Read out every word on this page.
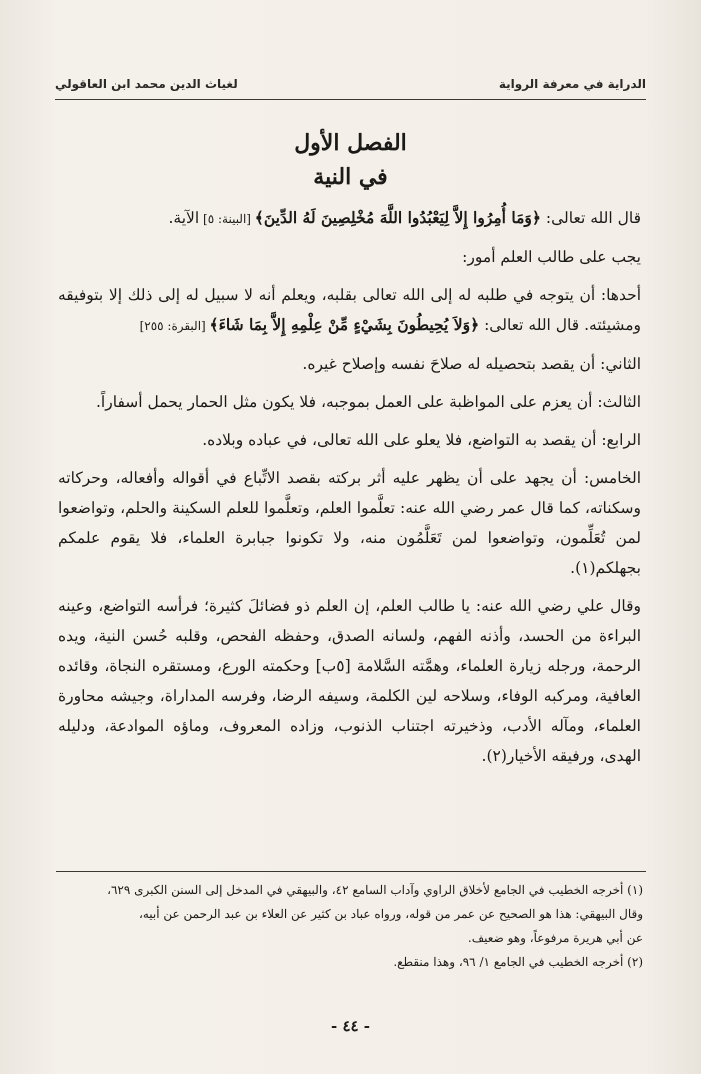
الدراية في معرفة الرواية
لغياث الدين محمد ابن العاقولي
الفصل الأول
في النية

قال الله تعالى: ﴿وَمَا أُمِرُوا إِلاَّ لِيَعْبُدُوا اللَّهَ مُخْلِصِينَ لَهُ الدِّينَ﴾ [البينة: ٥] الآية.

يجب على طالب العلم أمور:

أحدها: أن يتوجه في طلبه له إلى الله تعالى بقلبه، ويعلم أنه لا سبيل له إلى ذلك إلا بتوفيقه ومشيئته. قال الله تعالى: ﴿وَلاَ يُحِيطُونَ بِشَيْءٍ مِّنْ عِلْمِهِ إِلاَّ بِمَا شَاءَ﴾ [البقرة: ٢٥٥]

الثاني: أن يقصد بتحصيله له صلاحَ نفسه وإصلاح غيره.

الثالث: أن يعزم على المواظبة على العمل بموجبه، فلا يكون مثل الحمار يحمل أسفاراً.

الرابع: أن يقصد به التواضع، فلا يعلو على الله تعالى، في عباده وبلاده.

الخامس: أن يجهد على أن يظهر عليه أثر بركته بقصد الاتِّباع في أقواله وأفعاله، وحركاته وسكناته، كما قال عمر رضي الله عنه: تعلَّموا العلم، وتعلَّموا للعلم السكينة والحلم، وتواضعوا لمن تُعَلِّمون، وتواضعوا لمن تَعَلَّمُون منه، ولا تكونوا جبابرة العلماء، فلا يقوم علمكم بجهلكم(١).

وقال علي رضي الله عنه: يا طالب العلم، إن العلم ذو فضائلَ كثيرة؛ فرأسه التواضع، وعينه البراءة من الحسد، وأذنه الفهم، ولسانه الصدق، وحفظه الفحص، وقلبه حُسن النية، ويده الرحمة، ورجله زيارة العلماء، وهمَّته السَّلامة [٥ب] وحكمته الورع، ومستقره النجاة، وقائده العافية، ومركبه الوفاء، وسلاحه لين الكلمة، وسيفه الرضا، وفرسه المداراة، وجيشه محاورة العلماء، ومآله الأدب، وذخيرته اجتناب الذنوب، وزاده المعروف، وماؤه الموادعة، ودليله الهدى، ورفيقه الأخيار(٢).

(١) أخرجه الخطيب في الجامع لأخلاق الراوي وآداب السامع ٤٢، والبيهقي في المدخل إلى السنن الكبرى ٦٢٩،

وقال البيهقي: هذا هو الصحيح عن عمر من قوله، ورواه عباد بن كثير عن العلاء بن عبد الرحمن عن أبيه،

عن أبي هريرة مرفوعاً، وهو ضعيف.

(٢) أخرجه الخطيب في الجامع ١/ ٩٦، وهذا منقطع.

- ٤٤ -
